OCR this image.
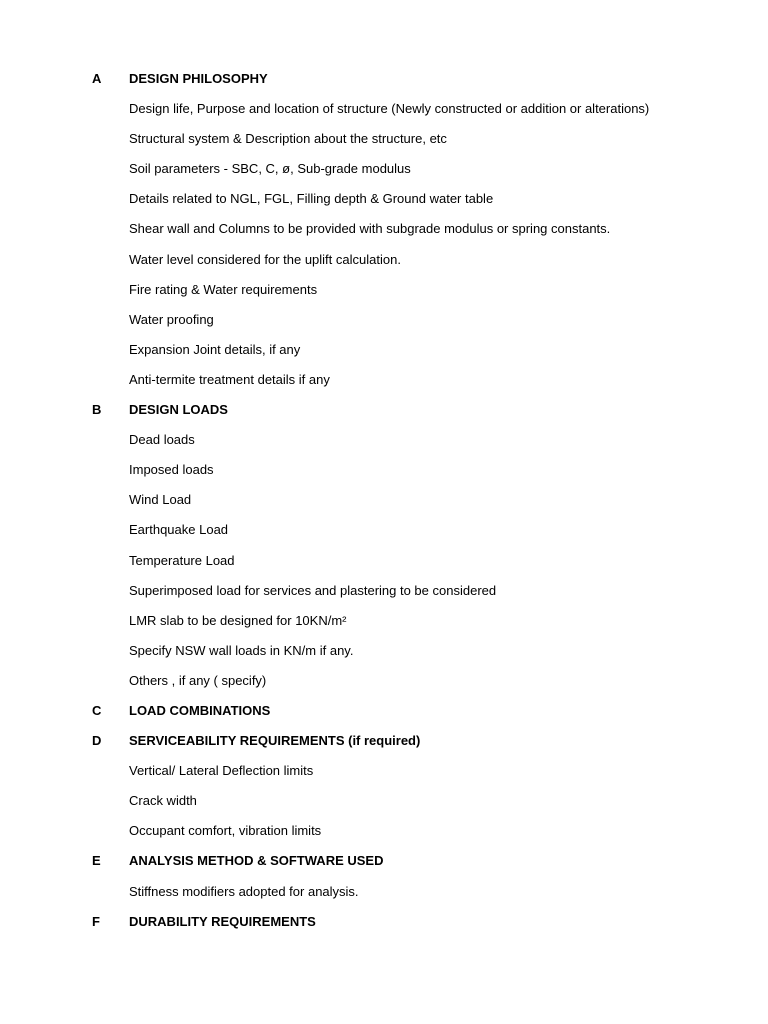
A DESIGN PHILOSOPHY
Design life, Purpose and location of structure (Newly constructed or addition or alterations)
Structural system & Description about the structure, etc
Soil parameters - SBC, C, ø, Sub-grade modulus
Details related to NGL, FGL, Filling depth & Ground water table
Shear wall and Columns to be provided with subgrade modulus or spring constants.
Water level considered for the uplift calculation.
Fire rating & Water requirements
Water proofing
Expansion Joint details, if any
Anti-termite treatment details if any
B DESIGN LOADS
Dead loads
Imposed loads
Wind Load
Earthquake Load
Temperature Load
Superimposed load for services and plastering to be considered
LMR slab to be designed for 10KN/m²
Specify NSW wall loads in KN/m if any.
Others , if any ( specify)
C LOAD COMBINATIONS
D SERVICEABILITY REQUIREMENTS (if required)
Vertical/ Lateral Deflection limits
Crack width
Occupant comfort, vibration limits
E ANALYSIS METHOD & SOFTWARE USED
Stiffness modifiers adopted for analysis.
F DURABILITY REQUIREMENTS
